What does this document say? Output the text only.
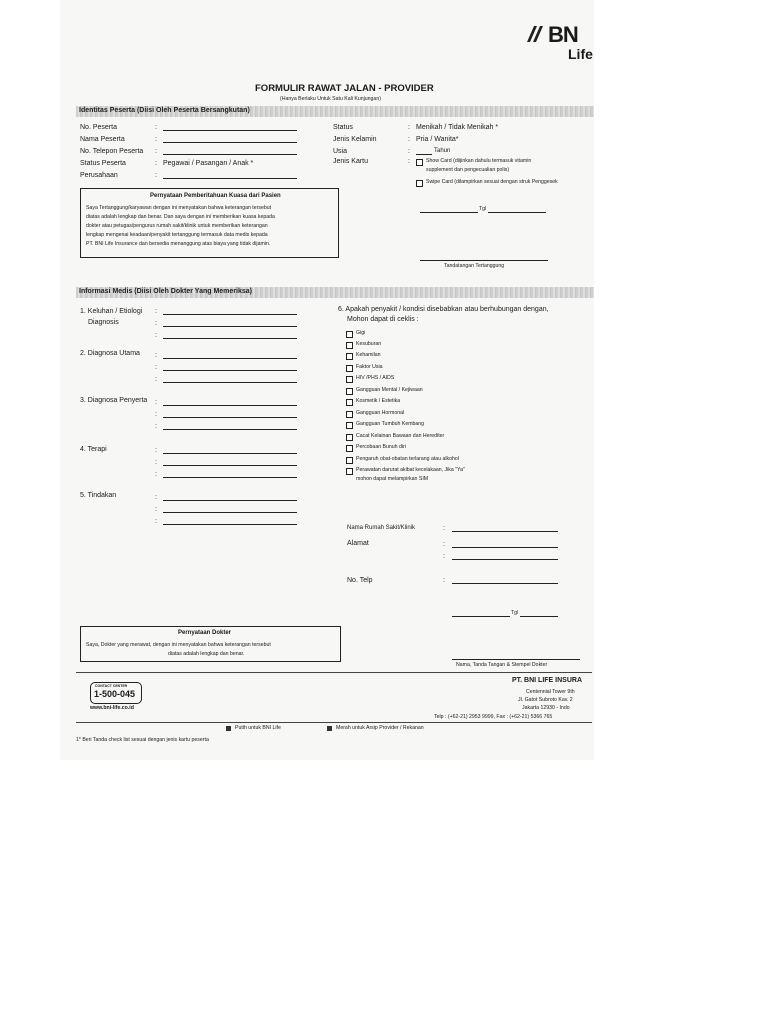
BN
Life
FORMULIR RAWAT JALAN - PROVIDER
(Hanya Berlaku Untuk Satu Kali Kunjungan)
Identitas Peserta (Diisi Oleh Peserta Bersangkutan)
No. Peserta
Nama Peserta
No. Telepon Peserta
Status Peserta
Perusahaan
:
:
:
:
:
Pegawai / Pasangan / Anak *
Status
Jenis Kelamin
Usia
Jenis Kartu
:
:
:
:
Menikah / Tidak Menikah *
Pria / Wanita*
Tahun
Show Card (diijinkan dahulu termasuk vitamin
supplement dan pengecualian polis)
Swipe Card (dilampirkan sesuai dengan struk Penggesek
Tgl
Tandatangan Tertanggung
Pernyataan Pemberitahuan Kuasa dari Pasien
Saya Tertanggung/karyawan dengan ini menyatakan bahwa keterangan tersebut
diatas adalah lengkap dan benar. Dan saya dengan ini memberikan kuasa kepada
dokter atau petugas/pengurus rumah sakit/klinik untuk memberikan keterangan
lengkap mengenai keadaan/penyakit tertanggung termasuk data medis kepada
PT. BNI Life Insurance dan bersedia menanggung atas biaya yang tidak dijamin.
Informasi Medis (Diisi Oleh Dokter Yang Memeriksa)
1. Keluhan / Etiologi
Diagnosis
2. Diagnosa Utama
3. Diagnosa Penyerta
4. Terapi
5. Tindakan
:
:
:
:
:
:
:
:
:
:
:
:
:
:
:
6. Apakah penyakit / kondisi disebabkan atau berhubungan dengan,
Mohon dapat di ceklis :
Gigi
Kesuburan
Kehamilan
Faktor Usia
HIV /PHS / AIDS
Gangguan Mental / Kejiwaan
Kosmetik / Estetika
Gangguan Hormonal
Gangguan Tumbuh Kembang
Cacat Kelainan Bawaan dan Herediter
Percobaan Bunuh diri
Pengaruh obat-obatan terlarang atau alkohol
Perawatan darurat akibat kecelakaan, Jika "Ya"
mohon dapat melampirkan SIM
Nama Rumah Sakit/Klinik
Alamat
No. Telp
:
:
:
:
Tgl
Nama, Tanda Tangan & Stempel Dokter
Pernyataan Dokter
Saya, Dokter yang merawat, dengan ini menyatakan bahwa keterangan tersebut
diatas adalah lengkap dan benar.
CONTACT CENTER
1-500-045
www.bni-life.co.id
PT. BNI LIFE INSURA
Centennial Tower 9th
Jl. Gatot Subroto Kav. 2
Jakarta 12930 - Indo
Telp : (+62-21) 2953 9999, Fax : (+62-21) 5366 765
Putih untuk BNI Life	Merah untuk Arsip Provider / Rekanan
1* Beri Tanda check list sesuai dengan jenis kartu peserta
